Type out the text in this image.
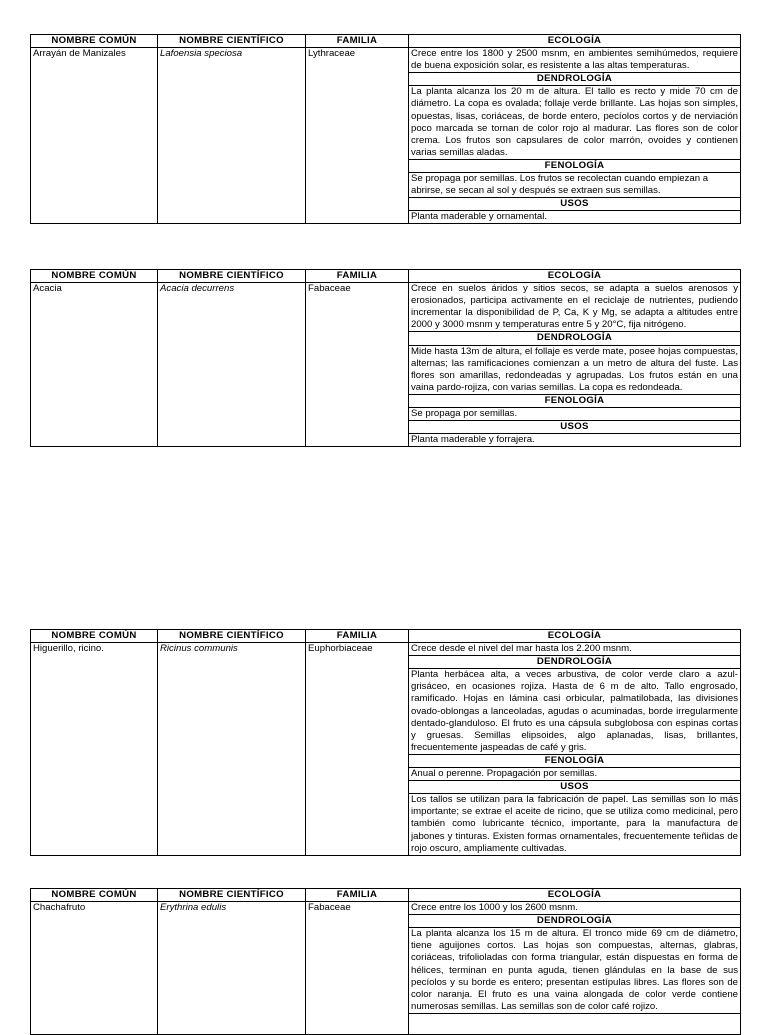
NOMBRE COMÚN	NOMBRE CIENTÍFICO	FAMILIA	ECOLOGÍA
Arrayán de Manizales	Lafoensia speciosa	Lythraceae	Crece entre los 1800 y 2500 msnm, en ambientes semihúmedos, requiere de buena exposición solar, es resistente a las altas temperaturas.
			DENDROLOGÍA
			La planta alcanza los 20 m de altura. El tallo es recto y mide 70 cm de diámetro. La copa es ovalada; follaje verde brillante. Las hojas son simples, opuestas, lisas, coriáceas, de borde entero, pecíolos cortos y de nerviación poco marcada se tornan de color rojo al madurar. Las flores son de color crema. Los frutos son capsulares de color marrón, ovoides y contienen varias semillas aladas.
			FENOLOGÍA
			Se propaga por semillas. Los frutos se recolectan cuando empiezan a abrirse, se secan al sol y después se extraen sus semillas.
			USOS
			Planta maderable y ornamental.
NOMBRE COMÚN	NOMBRE CIENTÍFICO	FAMILIA	ECOLOGÍA
Acacia	Acacia decurrens	Fabaceae	Crece en suelos áridos y sitios secos, se adapta a suelos arenosos y erosionados, participa activamente en el reciclaje de nutrientes, pudiendo incrementar la disponibilidad de P, Ca, K y Mg, se adapta a altitudes entre 2000 y 3000 msnm y temperaturas entre 5 y 20°C, fija nitrógeno.
			DENDROLOGÍA
			Mide hasta 13m de altura, el follaje es verde mate, posee hojas compuestas, alternas; las ramificaciones comienzan a un metro de altura del fuste. Las flores son amarillas, redondeadas y agrupadas. Los frutos están en una vaina pardo-rojiza, con varias semillas. La copa es redondeada.
			FENOLOGÍA
			Se propaga por semillas.
			USOS
			Planta maderable y forrajera.
NOMBRE COMÚN	NOMBRE CIENTÍFICO	FAMILIA	ECOLOGÍA
Higuerillo, ricino.	Ricinus communis	Euphorbiaceae	Crece desde el nivel del mar hasta los 2.200 msnm.
			DENDROLOGÍA
			Planta herbácea alta, a veces arbustiva, de color verde claro a azul-grisáceo, en ocasiones rojiza. Hasta de 6 m de alto. Tallo engrosado, ramificado. Hojas en lámina casi orbicular, palmatilobada, las divisiones ovado-oblongas a lanceoladas, agudas o acuminadas, borde irregularmente dentado-glanduloso. El fruto es una cápsula subglobosa con espinas cortas y gruesas. Semillas elipsoides, algo aplanadas, lisas, brillantes, frecuentemente jaspeadas de café y gris.
			FENOLOGÍA
			Anual o perenne. Propagación por semillas.
			USOS
			Los tallos se utilizan para la fabricación de papel. Las semillas son lo más importante; se extrae el aceite de ricino, que se utiliza como medicinal, pero también como lubricante técnico, importante, para la manufactura de jabones y tinturas. Existen formas ornamentales, frecuentemente teñidas de rojo oscuro, ampliamente cultivadas.
NOMBRE COMÚN	NOMBRE CIENTÍFICO	FAMILIA	ECOLOGÍA
Chachafruto	Erythrina edulis	Fabaceae	Crece entre los 1000 y los 2600 msnm.
			DENDROLOGÍA
			La planta alcanza los 15 m de altura. El tronco mide 69 cm de diámetro, tiene aguijones cortos. Las hojas son compuestas, alternas, glabras, coriáceas, trifolioladas con forma triangular, están dispuestas en forma de hélices, terminan en punta aguda, tienen glándulas en la base de sus pecíolos y su borde es entero; presentan estípulas libres. Las flores son de color naranja. El fruto es una vaina alongada de color verde contiene numerosas semillas. Las semillas son de color café rojizo.
